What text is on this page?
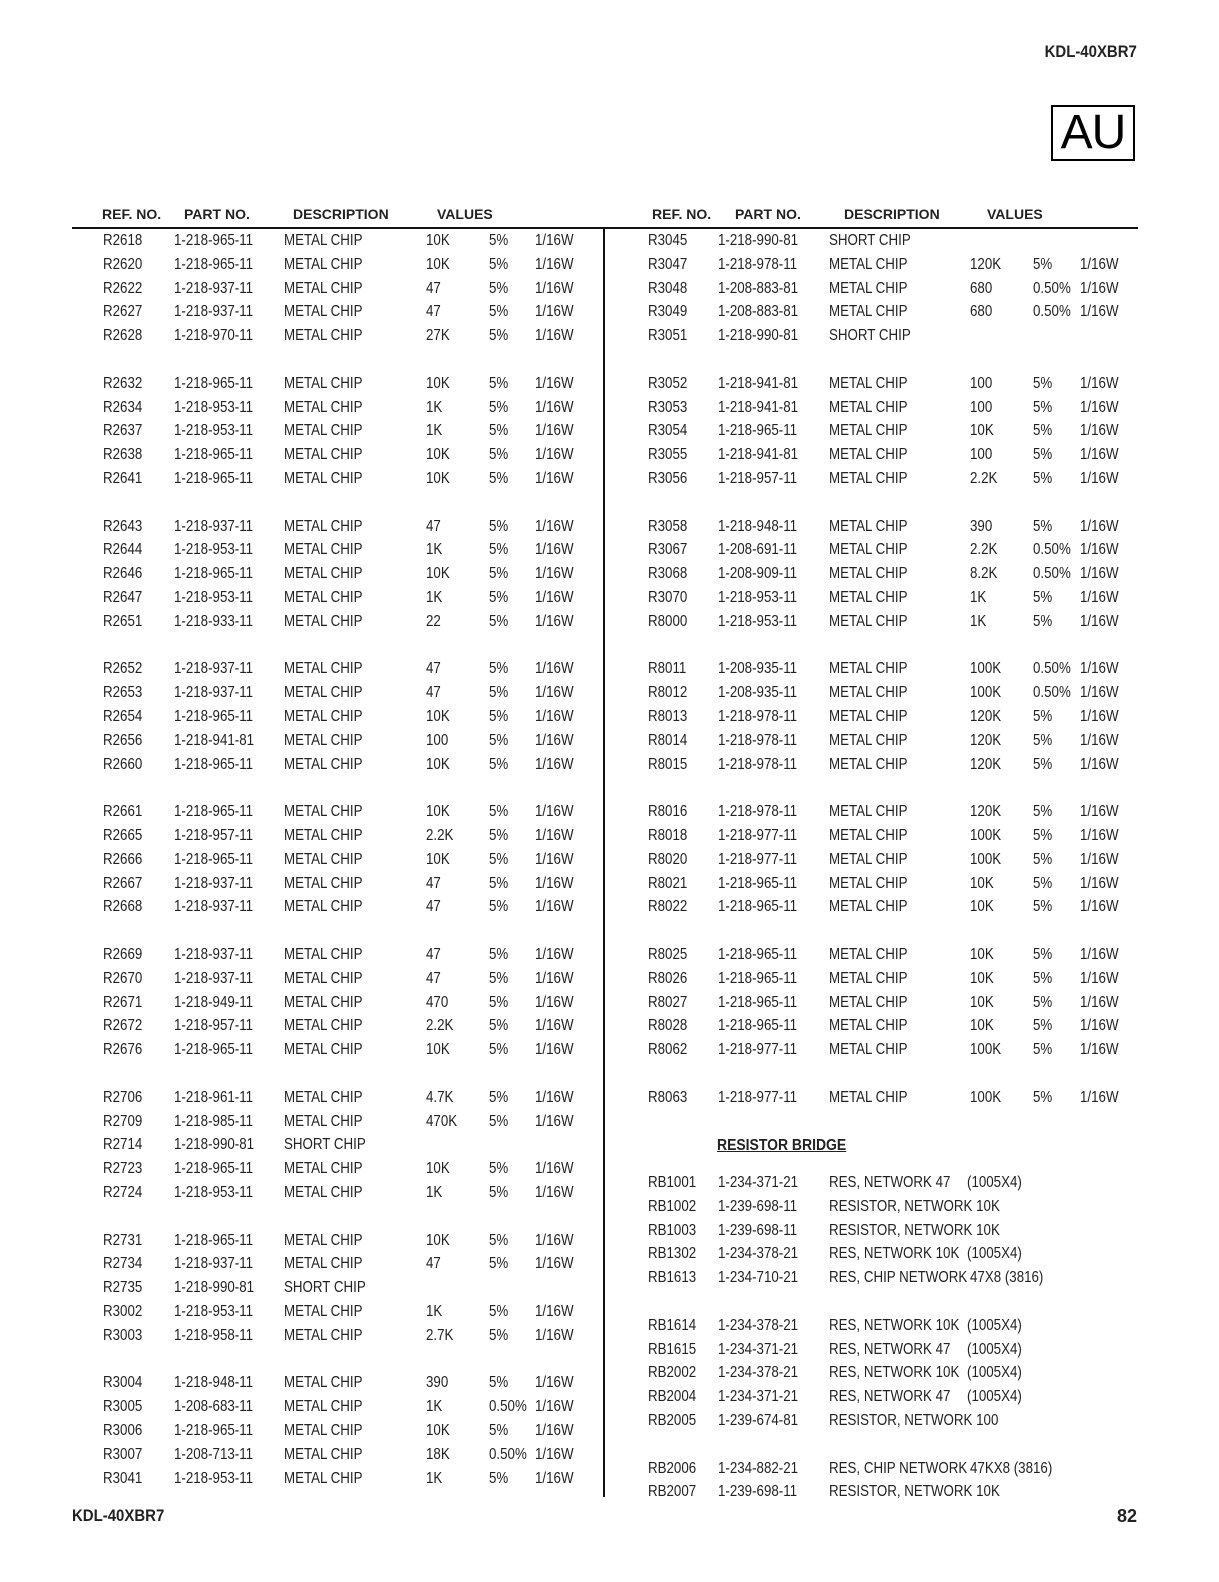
KDL-40XBR7
AU
REF. NO. PART NO.	DESCRIPTION	VALUES	REF. NO. PART NO.	DESCRIPTION	VALUES
R2618 1-218-965-11 METAL CHIP	10K	5% 1/16W
R2620 1-218-965-11 METAL CHIP	10K	5% 1/16W
R2622 1-218-937-11 METAL CHIP	47	5% 1/16W
R2627 1-218-937-11 METAL CHIP	47	5% 1/16W
R2628 1-218-970-11 METAL CHIP	27K	5% 1/16W
R2632 1-218-965-11 METAL CHIP	10K	5% 1/16W
R2634 1-218-953-11 METAL CHIP	1K	5% 1/16W
R2637 1-218-953-11 METAL CHIP	1K	5% 1/16W
R2638 1-218-965-11 METAL CHIP	10K	5% 1/16W
R2641 1-218-965-11 METAL CHIP	10K	5% 1/16W
R2643 1-218-937-11 METAL CHIP	47	5% 1/16W
R2644 1-218-953-11 METAL CHIP	1K	5% 1/16W
R2646 1-218-965-11 METAL CHIP	10K	5% 1/16W
R2647 1-218-953-11 METAL CHIP	1K	5% 1/16W
R2651 1-218-933-11 METAL CHIP	22	5% 1/16W
R2652 1-218-937-11 METAL CHIP	47	5% 1/16W
R2653 1-218-937-11 METAL CHIP	47	5% 1/16W
R2654 1-218-965-11 METAL CHIP	10K	5% 1/16W
R2656 1-218-941-81 METAL CHIP	100	5% 1/16W
R2660 1-218-965-11 METAL CHIP	10K	5% 1/16W
R2661 1-218-965-11 METAL CHIP	10K	5% 1/16W
R2665 1-218-957-11 METAL CHIP	2.2K 5% 1/16W
R2666 1-218-965-11 METAL CHIP	10K	5% 1/16W
R2667 1-218-937-11 METAL CHIP	47	5% 1/16W
R2668 1-218-937-11 METAL CHIP	47	5% 1/16W
R2669 1-218-937-11 METAL CHIP	47	5% 1/16W
R2670 1-218-937-11 METAL CHIP	47	5% 1/16W
R2671 1-218-949-11 METAL CHIP	470	5% 1/16W
R2672 1-218-957-11 METAL CHIP	2.2K 5% 1/16W
R2676 1-218-965-11 METAL CHIP	10K	5% 1/16W
R2706 1-218-961-11 METAL CHIP	4.7K 5% 1/16W
R2709 1-218-985-11 METAL CHIP	470K 5% 1/16W
R2714 1-218-990-81 SHORT CHIP
R2723 1-218-965-11 METAL CHIP	10K	5% 1/16W
R2724 1-218-953-11 METAL CHIP	1K	5% 1/16W
R2731 1-218-965-11 METAL CHIP	10K	5% 1/16W
R2734 1-218-937-11 METAL CHIP	47	5% 1/16W
R2735 1-218-990-81 SHORT CHIP
R3002 1-218-953-11 METAL CHIP	1K	5% 1/16W
R3003 1-218-958-11 METAL CHIP	2.7K 5% 1/16W
R3004 1-218-948-11 METAL CHIP	390	5% 1/16W
R3005 1-208-683-11 METAL CHIP	1K	0.50% 1/16W
R3006 1-218-965-11 METAL CHIP	10K	5% 1/16W
R3007 1-208-713-11 METAL CHIP	18K	0.50% 1/16W
R3041 1-218-953-11 METAL CHIP	1K	5% 1/16W
R3045 1-218-990-81 SHORT CHIP
R3047 1-218-978-11 METAL CHIP	120K 5% 1/16W
R3048 1-208-883-81 METAL CHIP	680	0.50% 1/16W
R3049 1-208-883-81 METAL CHIP	680	0.50% 1/16W
R3051 1-218-990-81 SHORT CHIP
R3052 1-218-941-81 METAL CHIP	100	5% 1/16W
R3053 1-218-941-81 METAL CHIP	100	5% 1/16W
R3054 1-218-965-11 METAL CHIP	10K	5% 1/16W
R3055 1-218-941-81 METAL CHIP	100	5% 1/16W
R3056 1-218-957-11 METAL CHIP	2.2K 5% 1/16W
R3058 1-218-948-11 METAL CHIP	390	5% 1/16W
R3067 1-208-691-11 METAL CHIP	2.2K 0.50% 1/16W
R3068 1-208-909-11 METAL CHIP	8.2K 0.50% 1/16W
R3070 1-218-953-11 METAL CHIP	1K	5% 1/16W
R8000 1-218-953-11 METAL CHIP	1K	5% 1/16W
R8011 1-208-935-11 METAL CHIP	100K 0.50% 1/16W
R8012 1-208-935-11 METAL CHIP	100K 0.50% 1/16W
R8013 1-218-978-11 METAL CHIP	120K 5% 1/16W
R8014 1-218-978-11 METAL CHIP	120K 5% 1/16W
R8015 1-218-978-11 METAL CHIP	120K 5% 1/16W
R8016 1-218-978-11 METAL CHIP	120K 5% 1/16W
R8018 1-218-977-11 METAL CHIP	100K 5% 1/16W
R8020 1-218-977-11 METAL CHIP	100K 5% 1/16W
R8021 1-218-965-11 METAL CHIP	10K	5% 1/16W
R8022 1-218-965-11 METAL CHIP	10K	5% 1/16W
R8025 1-218-965-11 METAL CHIP	10K	5% 1/16W
R8026 1-218-965-11 METAL CHIP	10K	5% 1/16W
R8027 1-218-965-11 METAL CHIP	10K	5% 1/16W
R8028 1-218-965-11 METAL CHIP	10K	5% 1/16W
R8062 1-218-977-11 METAL CHIP	100K 5% 1/16W
R8063 1-218-977-11 METAL CHIP	100K 5% 1/16W
RESISTOR BRIDGE
RB1001 1-234-371-21 RES, NETWORK 47 (1005X4)
RB1002 1-239-698-11 RESISTOR, NETWORK 10K
RB1003 1-239-698-11 RESISTOR, NETWORK 10K
RB1302 1-234-378-21 RES, NETWORK 10K (1005X4)
RB1613 1-234-710-21 RES, CHIP NETWORK 47X8 (3816)
RB1614 1-234-378-21 RES, NETWORK 10K (1005X4)
RB1615 1-234-371-21 RES, NETWORK 47 (1005X4)
RB2002 1-234-378-21 RES, NETWORK 10K (1005X4)
RB2004 1-234-371-21 RES, NETWORK 47 (1005X4)
RB2005 1-239-674-81 RESISTOR, NETWORK 100
RB2006 1-234-882-21 RES, CHIP NETWORK 47KX8 (3816)
RB2007 1-239-698-11 RESISTOR, NETWORK 10K
KDL-40XBR7	82
